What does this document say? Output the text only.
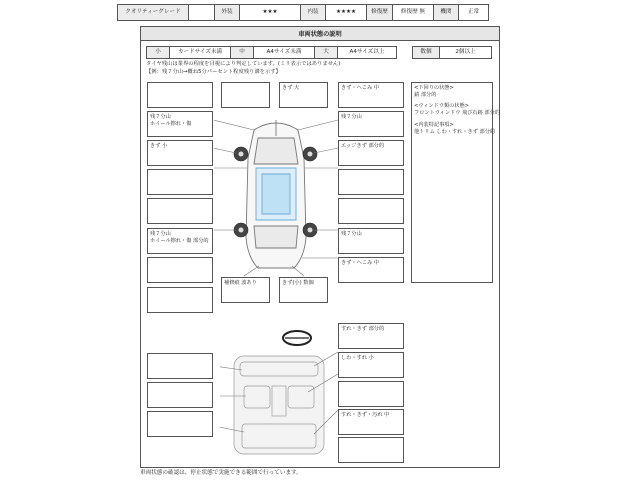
クオリティーグレード	外装	★★★	内装	★★★★	修復歴	修復歴 無	機関	正常
車両状態の説明
小	カードサイズ未満	中	A4サイズ未満	大	A4サイズ以上	数個	2個以上
タイヤ残山は業界の程度を目視により判定しています。(ミリ表示ではありません)
【例：残７分山→概ね5分パーセント程度残り溝を示す】
残７分山
ホイール擦れ・傷
きず 小
残７分山
ホイール擦れ・傷 部分的
きず 大	きず・へこみ 中
残７分山
エッジきず 部分的
残７分山
きず・へこみ 中
補修痕 波あり	きず(小) 数個
<下回りの状態>
錆 部分的
<ウィンドウ類の状態>
フロントウィンドウ 飛び石跡 部分的
<内装特記事項>
他トリム しわ・すれ・きず 部分的
すれ・きず 部分的
しわ・すれ 小
すれ・きず・汚れ 中
車両状態の確認は、停止状態で実施できる範囲で行っています。
